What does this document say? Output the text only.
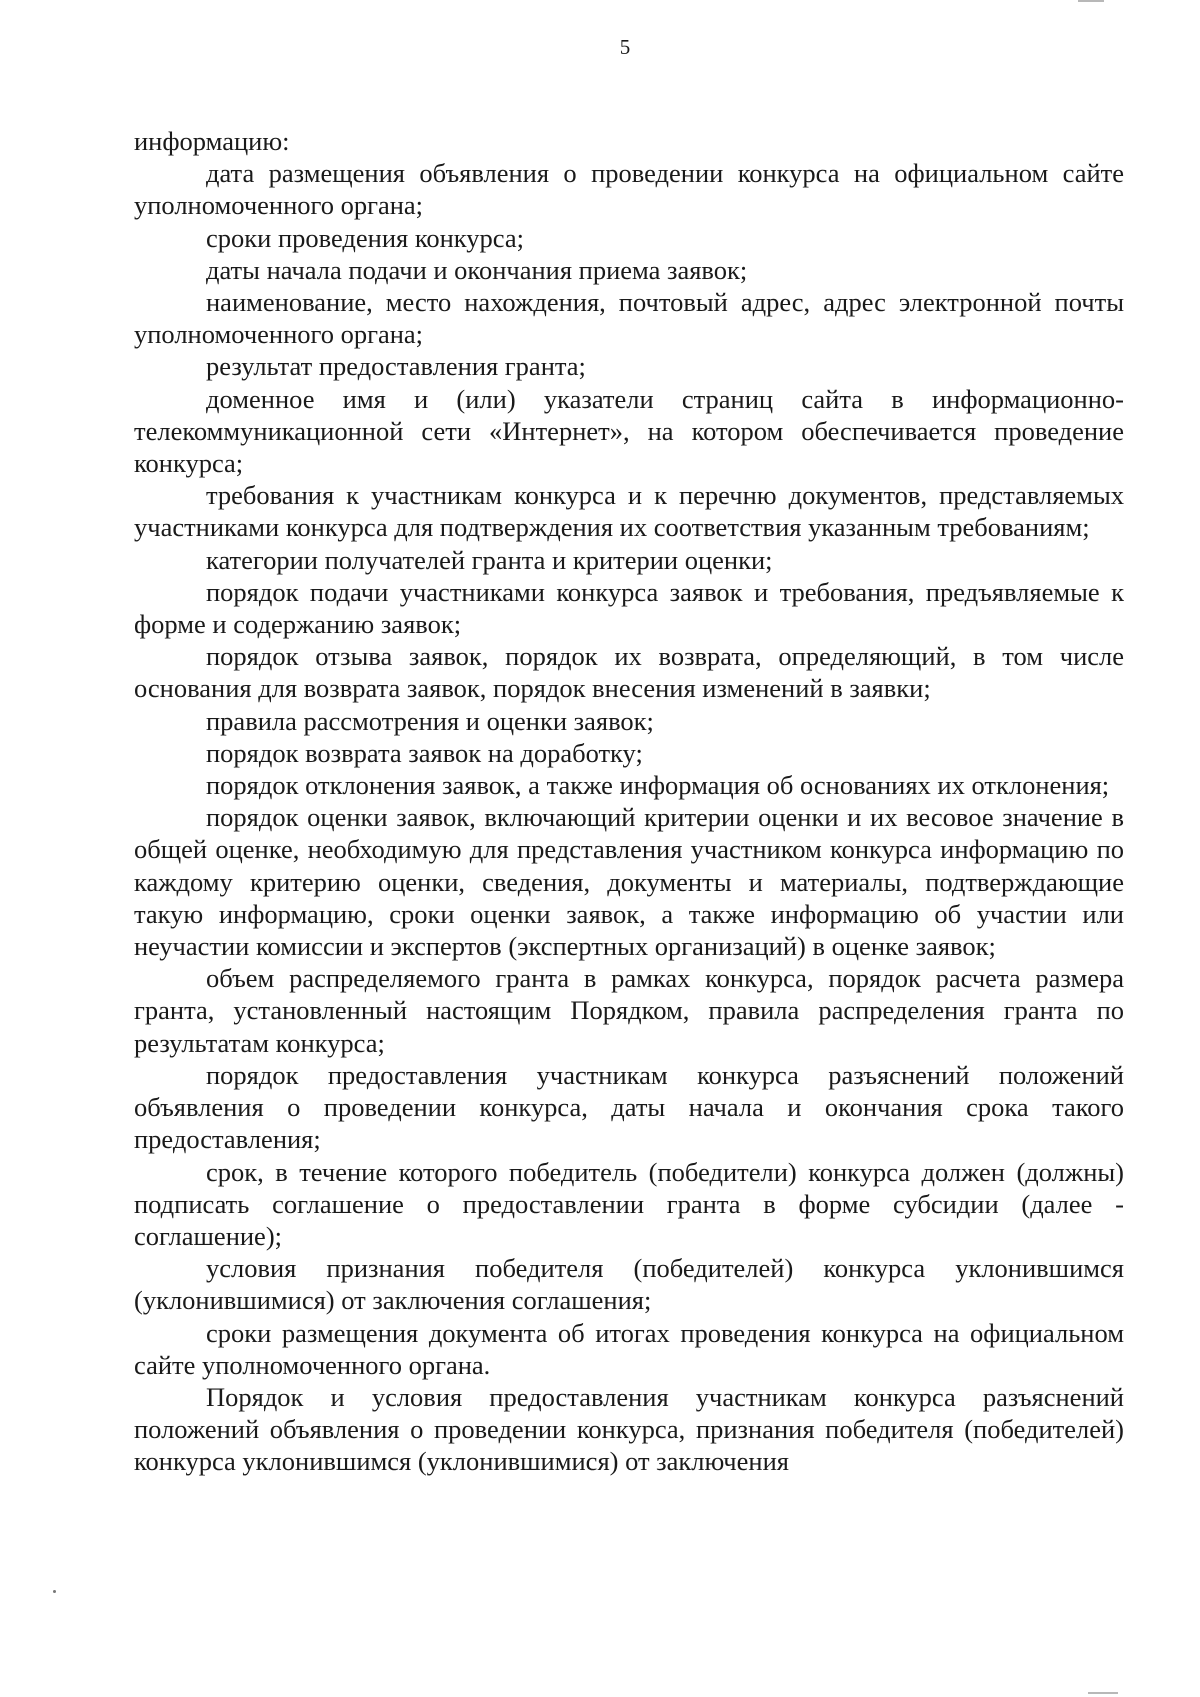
5

информацию:

дата размещения объявления о проведении конкурса на официальном сайте уполномоченного органа;

сроки проведения конкурса;

даты начала подачи и окончания приема заявок;

наименование, место нахождения, почтовый адрес, адрес электронной почты уполномоченного органа;

результат предоставления гранта;

доменное имя и (или) указатели страниц сайта в информационно-телекоммуникационной сети «Интернет», на котором обеспечивается проведение конкурса;

требования к участникам конкурса и к перечню документов, представляемых участниками конкурса для подтверждения их соответствия указанным требованиям;

категории получателей гранта и критерии оценки;

порядок подачи участниками конкурса заявок и требования, предъявляемые к форме и содержанию заявок;

порядок отзыва заявок, порядок их возврата, определяющий, в том числе основания для возврата заявок, порядок внесения изменений в заявки;

правила рассмотрения и оценки заявок;

порядок возврата заявок на доработку;

порядок отклонения заявок, а также информация об основаниях их отклонения;

порядок оценки заявок, включающий критерии оценки и их весовое значение в общей оценке, необходимую для представления участником конкурса информацию по каждому критерию оценки, сведения, документы и материалы, подтверждающие такую информацию, сроки оценки заявок, а также информацию об участии или неучастии комиссии и экспертов (экспертных организаций) в оценке заявок;

объем распределяемого гранта в рамках конкурса, порядок расчета размера гранта, установленный настоящим Порядком, правила распределения гранта по результатам конкурса;

порядок предоставления участникам конкурса разъяснений положений объявления о проведении конкурса, даты начала и окончания срока такого предоставления;

срок, в течение которого победитель (победители) конкурса должен (должны) подписать соглашение о предоставлении гранта в форме субсидии (далее - соглашение);

условия признания победителя (победителей) конкурса уклонившимся (уклонившимися) от заключения соглашения;

сроки размещения документа об итогах проведения конкурса на официальном сайте уполномоченного органа.

Порядок и условия предоставления участникам конкурса разъяснений положений объявления о проведении конкурса, признания победителя (победителей) конкурса уклонившимся (уклонившимися) от заключения
